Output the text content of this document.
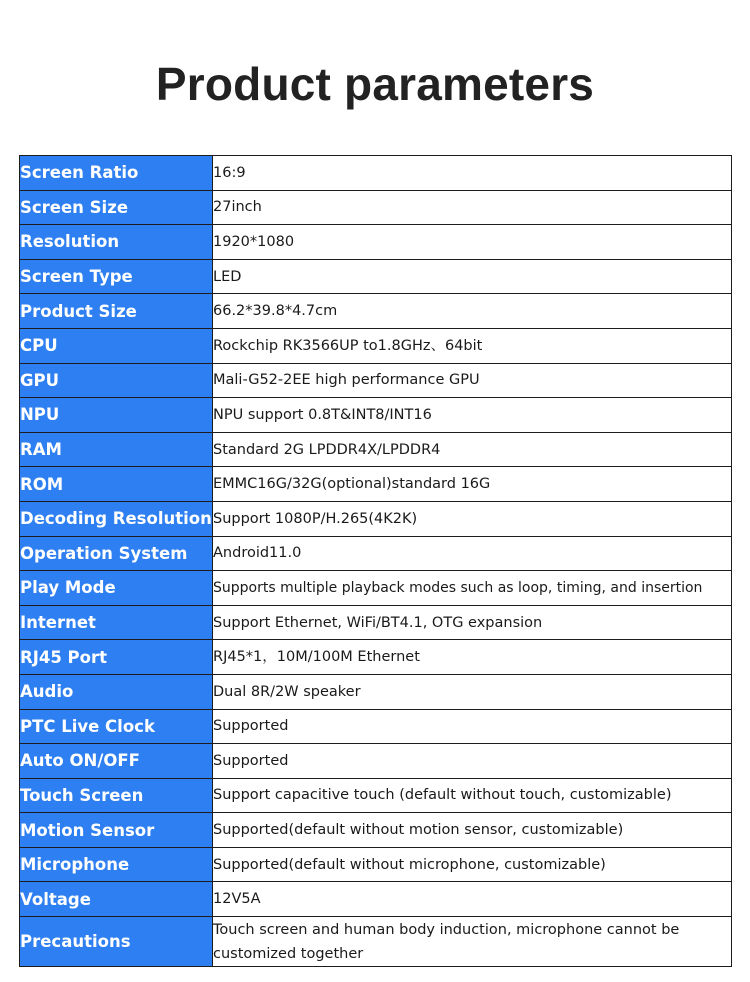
Product parameters
Screen Ratio	16:9
Screen Size	27inch
Resolution	1920*1080
Screen Type	LED
Product Size	66.2*39.8*4.7cm
CPU	Rockchip RK3566UP to1.8GHz、64bit
GPU	Mali-G52-2EE high performance GPU
NPU	NPU support 0.8T&INT8/INT16
RAM	Standard 2G LPDDR4X/LPDDR4
ROM	EMMC16G/32G(optional)standard 16G
Decoding Resolution	Support 1080P/H.265(4K2K)
Operation System	Android11.0
Play Mode	Supports multiple playback modes such as loop, timing, and insertion
Internet	Support Ethernet, WiFi/BT4.1, OTG expansion
RJ45 Port	RJ45*1，10M/100M Ethernet
Audio	Dual 8R/2W speaker
PTC Live Clock	Supported
Auto ON/OFF	Supported
Touch Screen	Support capacitive touch (default without touch, customizable)
Motion Sensor	Supported(default without motion sensor, customizable)
Microphone	Supported(default without microphone, customizable)
Voltage	12V5A
Precautions	Touch screen and human body induction, microphone cannot be customized together
